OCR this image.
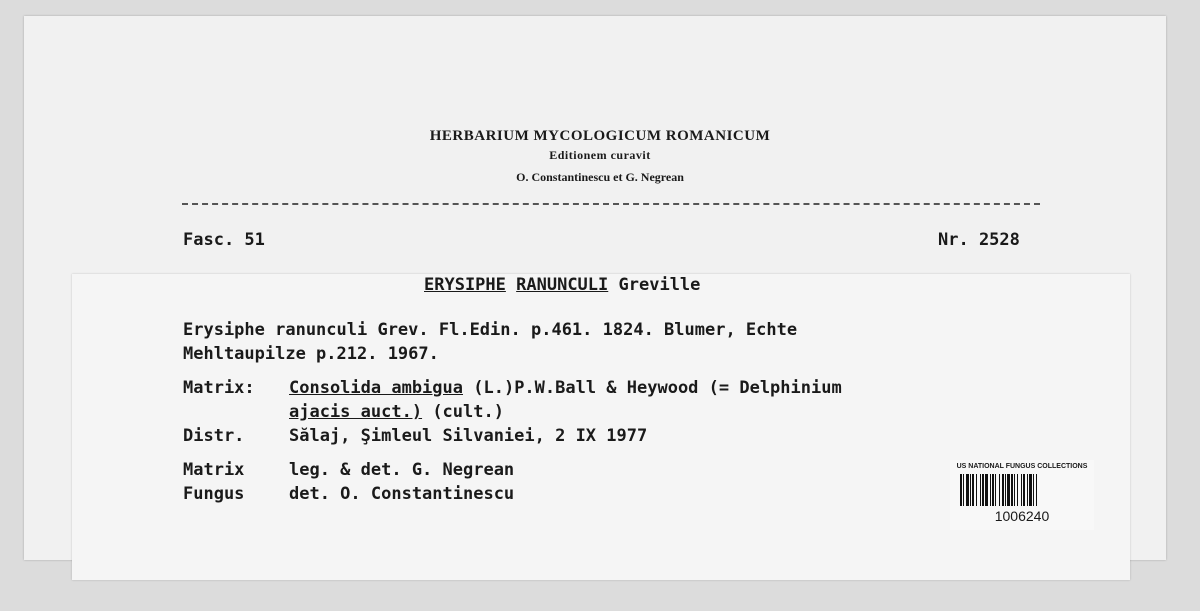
HERBARIUM MYCOLOGICUM ROMANICUM
Editionem curavit
O. Constantinescu et G. Negrean
Fasc. 51	Nr. 2528
ERYSIPHE RANUNCULI Greville
Erysiphe ranunculi Grev. Fl.Edin. p.461. 1824. Blumer, Echte
Mehltaupilze p.212. 1967.
Matrix: Consolida ambigua (L.)P.W.Ball & Heywood (= Delphinium
ajacis auct.) (cult.)
Distr.	Sălaj, Şimleul Silvaniei, 2 IX 1977
Matrix	leg. & det. G. Negrean
Fungus	det. O. Constantinescu
US NATIONAL FUNGUS COLLECTIONS
1006240
